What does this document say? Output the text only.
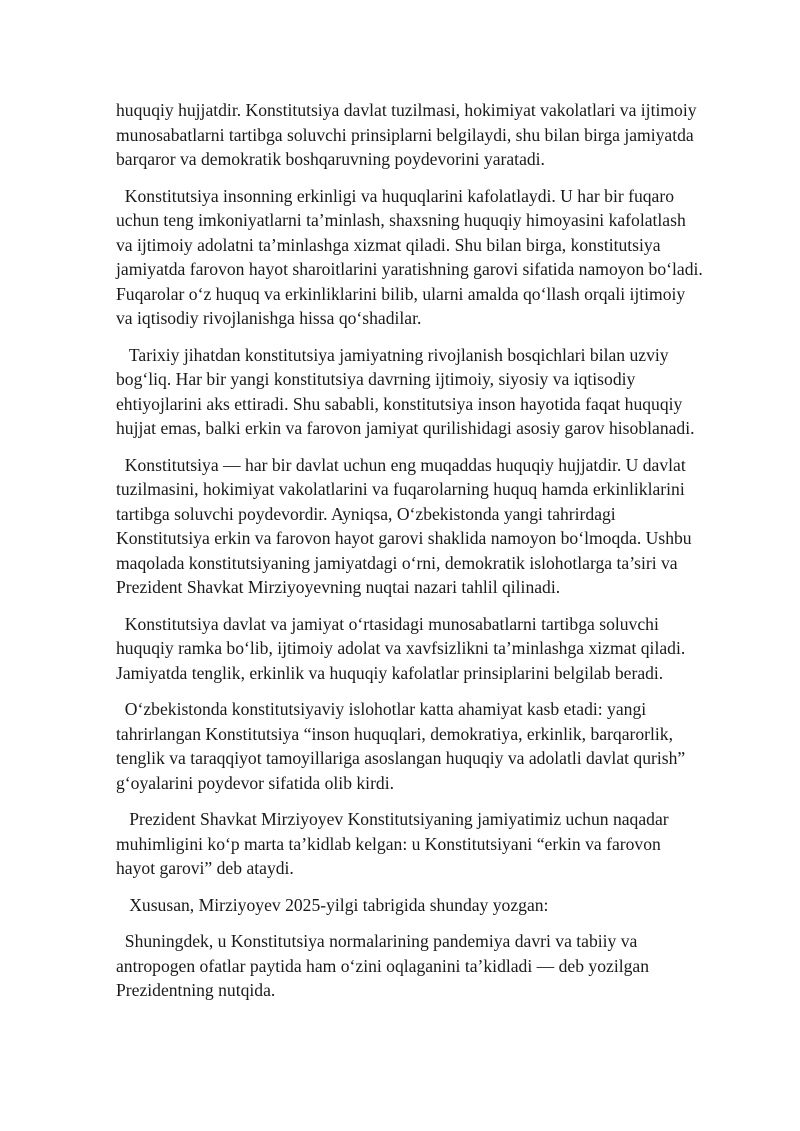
huquqiy hujjatdir. Konstitutsiya davlat tuzilmasi, hokimiyat vakolatlari va ijtimoiy
munosabatlarni tartibga soluvchi prinsiplarni belgilaydi, shu bilan birga jamiyatda
barqaror va demokratik boshqaruvning poydevorini yaratadi.

Konstitutsiya insonning erkinligi va huquqlarini kafolatlaydi. U har bir fuqaro
uchun teng imkoniyatlarni ta’minlash, shaxsning huquqiy himoyasini kafolatlash
va ijtimoiy adolatni ta’minlashga xizmat qiladi. Shu bilan birga, konstitutsiya
jamiyatda farovon hayot sharoitlarini yaratishning garovi sifatida namoyon bo‘ladi.
Fuqarolar o‘z huquq va erkinliklarini bilib, ularni amalda qo‘llash orqali ijtimoiy
va iqtisodiy rivojlanishga hissa qo‘shadilar.

Tarixiy jihatdan konstitutsiya jamiyatning rivojlanish bosqichlari bilan uzviy
bog‘liq. Har bir yangi konstitutsiya davrning ijtimoiy, siyosiy va iqtisodiy
ehtiyojlarini aks ettiradi. Shu sababli, konstitutsiya inson hayotida faqat huquqiy
hujjat emas, balki erkin va farovon jamiyat qurilishidagi asosiy garov hisoblanadi.

Konstitutsiya — har bir davlat uchun eng muqaddas huquqiy hujjatdir. U davlat
tuzilmasini, hokimiyat vakolatlarini va fuqarolarning huquq hamda erkinliklarini
tartibga soluvchi poydevordir. Ayniqsa, O‘zbekistonda yangi tahrirdagi
Konstitutsiya erkin va farovon hayot garovi shaklida namoyon bo‘lmoqda. Ushbu
maqolada konstitutsiyaning jamiyatdagi o‘rni, demokratik islohotlarga ta’siri va
Prezident Shavkat Mirziyoyevning nuqtai nazari tahlil qilinadi.

Konstitutsiya davlat va jamiyat o‘rtasidagi munosabatlarni tartibga soluvchi
huquqiy ramka bo‘lib, ijtimoiy adolat va xavfsizlikni ta’minlashga xizmat qiladi.
Jamiyatda tenglik, erkinlik va huquqiy kafolatlar prinsiplarini belgilab beradi.

O‘zbekistonda konstitutsiyaviy islohotlar katta ahamiyat kasb etadi: yangi
tahrirlangan Konstitutsiya “inson huquqlari, demokratiya, erkinlik, barqarorlik,
tenglik va taraqqiyot tamoyillariga asoslangan huquqiy va adolatli davlat qurish”
g‘oyalarini poydevor sifatida olib kirdi.

Prezident Shavkat Mirziyoyev Konstitutsiyaning jamiyatimiz uchun naqadar
muhimligini ko‘p marta ta’kidlab kelgan: u Konstitutsiyani “erkin va farovon
hayot garovi” deb ataydi.

Xususan, Mirziyoyev 2025-yilgi tabrigida shunday yozgan:

Shuningdek, u Konstitutsiya normalarining pandemiya davri va tabiiy va
antropogen ofatlar paytida ham o‘zini oqlaganini ta’kidladi — deb yozilgan
Prezidentning nutqida.
